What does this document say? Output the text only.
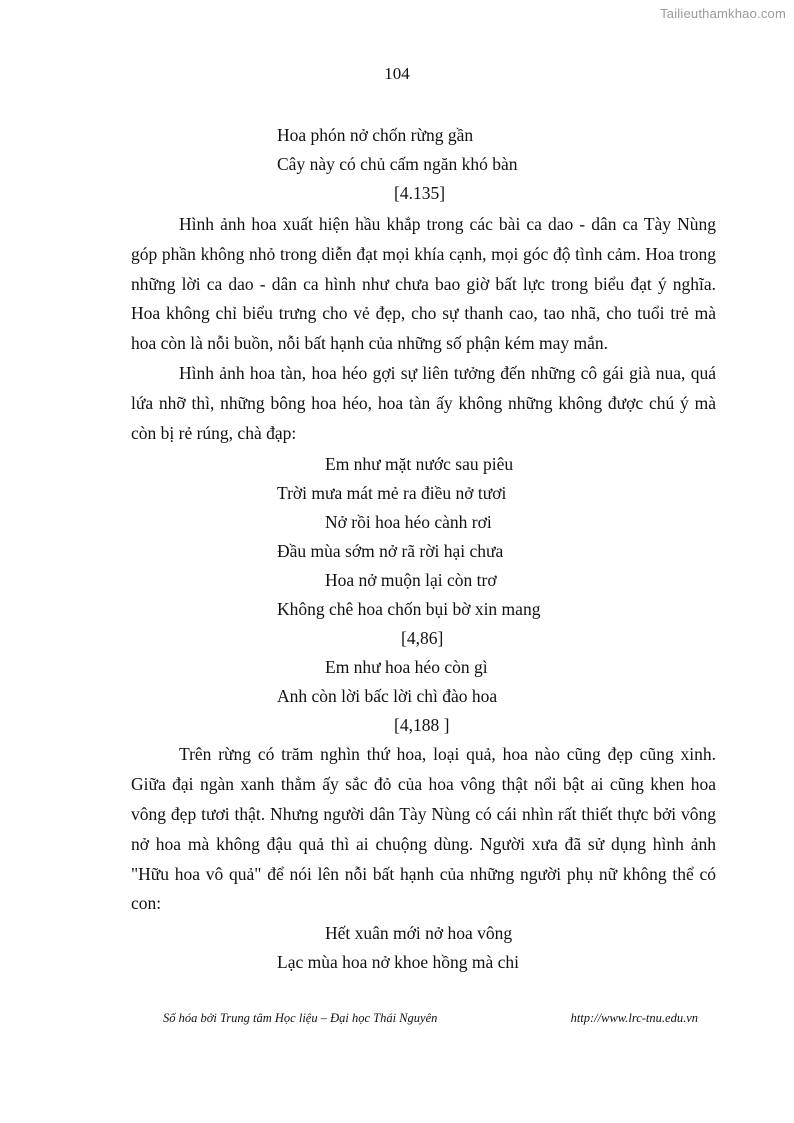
Tailieuthamkhao.com
104

Hoa phón nở chốn rừng gần

Cây này có chủ cấm ngăn khó bàn

[4.135]

Hình ảnh hoa xuất hiện hầu khắp trong các bài ca dao - dân ca Tày Nùng góp phần không nhỏ trong diễn đạt mọi khía cạnh, mọi góc độ tình cảm. Hoa trong những lời ca dao - dân ca hình như chưa bao giờ bất lực trong biểu đạt ý nghĩa. Hoa không chỉ biểu trưng cho vẻ đẹp, cho sự thanh cao, tao nhã, cho tuổi trẻ mà hoa còn là nỗi buồn, nỗi bất hạnh của những số phận kém may mắn.

Hình ảnh hoa tàn, hoa héo gợi sự liên tưởng đến những cô gái già nua, quá lứa nhỡ thì, những bông hoa héo, hoa tàn ấy không những không được chú ý mà còn bị rẻ rúng, chà đạp:

Em như mặt nước sau piêu

Trời mưa mát mẻ ra điều nở tươi

Nở rồi hoa héo cành rơi

Đầu mùa sớm nở rã rời hại chưa

Hoa nở muộn lại còn trơ

Không chê hoa chốn bụi bờ xin mang

[4,86]

Em như hoa héo còn gì

Anh còn lời bấc lời chì đào hoa

[4,188 ]

Trên rừng có trăm nghìn thứ hoa, loại quả, hoa nào cũng đẹp cũng xinh. Giữa đại ngàn xanh thẳm ấy sắc đỏ của hoa vông thật nổi bật ai cũng khen hoa vông đẹp tươi thật. Nhưng người dân Tày Nùng có cái nhìn rất thiết thực bởi vông nở hoa mà không đậu quả thì ai chuộng dùng. Người xưa đã sử dụng hình ảnh "Hữu hoa vô quả" để nói lên nỗi bất hạnh của những người phụ nữ không thể có con:

Hết xuân mới nở hoa vông

Lạc mùa hoa nở khoe hồng mà chi

Số hóa bởi Trung tâm Học liệu – Đại học Thái Nguyên	http://www.lrc-tnu.edu.vn
